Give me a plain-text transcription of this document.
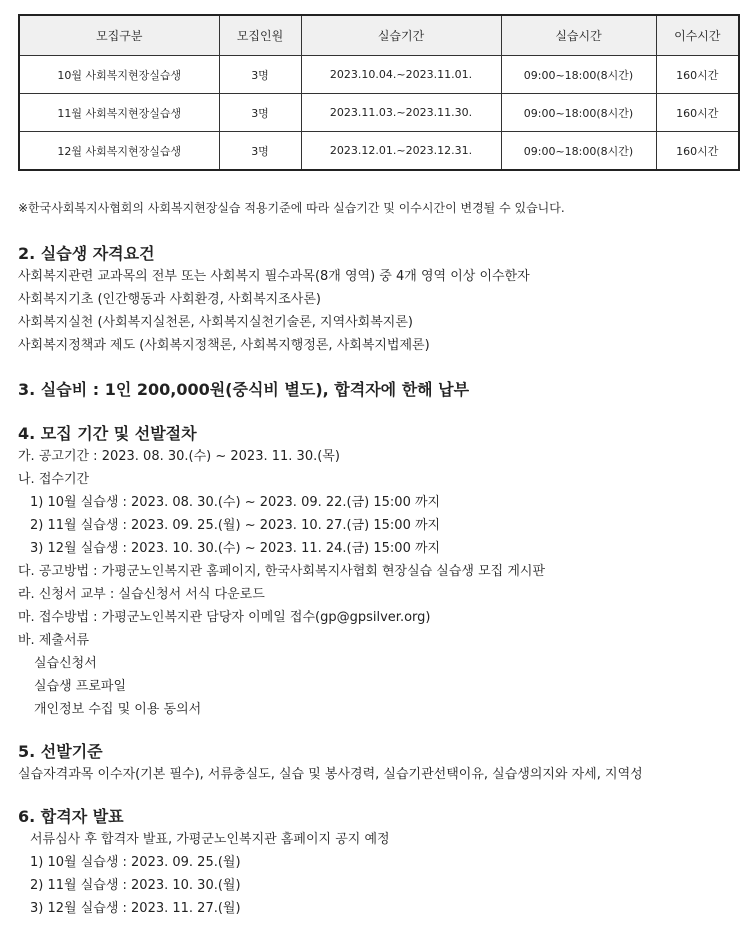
모집구분	모집인원	실습기간	실습시간	이수시간
10월 사회복지현장실습생	3명	2023.10.04.~2023.11.01.	09:00~18:00(8시간)	160시간
11월 사회복지현장실습생	3명	2023.11.03.~2023.11.30.	09:00~18:00(8시간)	160시간
12월 사회복지현장실습생	3명	2023.12.01.~2023.12.31.	09:00~18:00(8시간)	160시간

※한국사회복지사협회의 사회복지현장실습 적용기준에 따라 실습기간 및 이수시간이 변경될 수 있습니다.

2. 실습생 자격요건

사회복지관련 교과목의 전부 또는 사회복지 필수과목(8개 영역) 중 4개 영역 이상 이수한자

사회복지기초 (인간행동과 사회환경, 사회복지조사론)

사회복지실천 (사회복지실천론, 사회복지실천기술론, 지역사회복지론)

사회복지정책과 제도 (사회복지정책론, 사회복지행정론, 사회복지법제론)

3. 실습비 : 1인 200,000원(중식비 별도), 합격자에 한해 납부
4. 모집 기간 및 선발절차

가. 공고기간 : 2023. 08. 30.(수) ~ 2023. 11. 30.(목)

나. 접수기간

1) 10월 실습생 : 2023. 08. 30.(수) ~ 2023. 09. 22.(금) 15:00 까지

2) 11월 실습생 : 2023. 09. 25.(월) ~ 2023. 10. 27.(금) 15:00 까지

3) 12월 실습생 : 2023. 10. 30.(수) ~ 2023. 11. 24.(금) 15:00 까지

다. 공고방법 : 가평군노인복지관 홈페이지, 한국사회복지사협회 현장실습 실습생 모집 게시판

라. 신청서 교부 : 실습신청서 서식 다운로드

마. 접수방법 : 가평군노인복지관 담당자 이메일 접수(gp@gpsilver.org)

바. 제출서류

실습신청서

실습생 프로파일

개인정보 수집 및 이용 동의서

5. 선발기준

실습자격과목 이수자(기본 필수), 서류충실도, 실습 및 봉사경력, 실습기관선택이유, 실습생의지와 자세, 지역성

6. 합격자 발표

서류심사 후 합격자 발표, 가평군노인복지관 홈페이지 공지 예정

1) 10월 실습생 : 2023. 09. 25.(월)

2) 11월 실습생 : 2023. 10. 30.(월)

3) 12월 실습생 : 2023. 11. 27.(월)
